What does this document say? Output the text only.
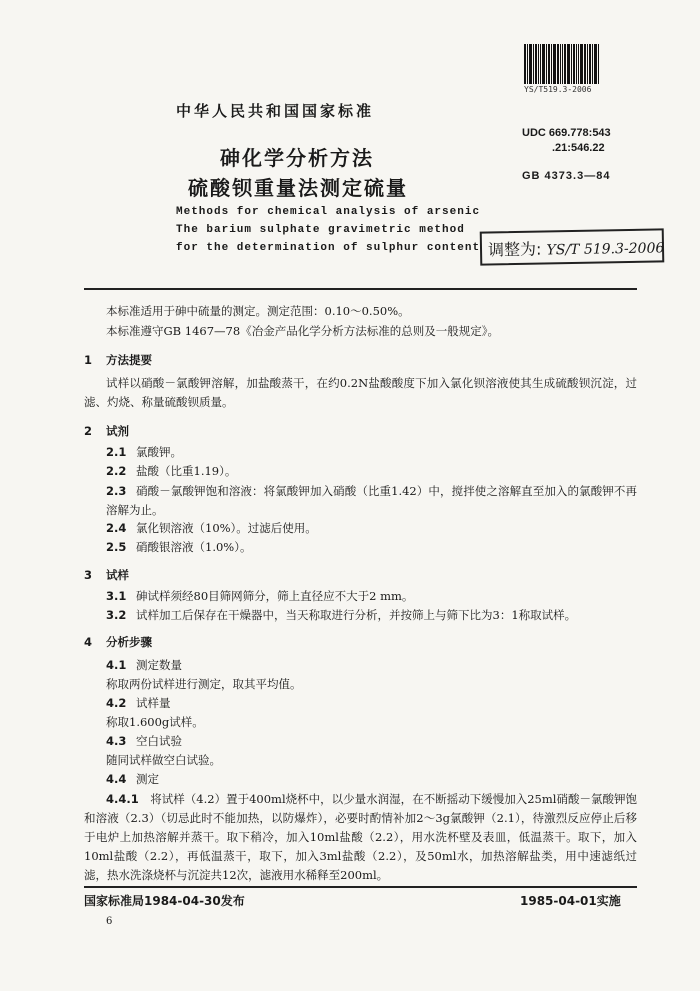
YS/T519.3-2006
中华人民共和国国家标准
砷化学分析方法
硫酸钡重量法测定硫量
UDC 669.778:543
.21:546.22
GB 4373.3—84
Methods for chemical analysis of arsenic
The barium sulphate gravimetric method
for the determination of sulphur content 调整为: YS/T 519.3-2006
本标准适用于砷中硫量的测定。测定范围：0.10～0.50%。
本标准遵守GB 1467—78《冶金产品化学分析方法标准的总则及一般规定》。
1 方法提要
试样以硝酸－氯酸钾溶解，加盐酸蒸干，在约0.2N盐酸酸度下加入氯化钡溶液使其生成硫酸钡沉淀，过滤、灼烧、称量硫酸钡质量。
2 试剂
2.1 氯酸钾。
2.2 盐酸（比重1.19）。
2.3 硝酸－氯酸钾饱和溶液：将氯酸钾加入硝酸（比重1.42）中，搅拌使之溶解直至加入的氯酸钾不再溶解为止。
2.4 氯化钡溶液（10%）。过滤后使用。
2.5 硝酸银溶液（1.0%）。
3 试样
3.1 砷试样须经80目筛网筛分，筛上直径应不大于2 mm。
3.2 试样加工后保存在干燥器中，当天称取进行分析，并按筛上与筛下比为3：1称取试样。
4 分析步骤
4.1 测定数量
称取两份试样进行测定，取其平均值。
4.2 试样量
称取1.600g试样。
4.3 空白试验
随同试样做空白试验。
4.4 测定
4.4.1　 将试样（4.2）置于400ml烧杯中，以少量水润湿，在不断摇动下缓慢加入25ml硝酸－氯酸钾饱和溶液（2.3）（切忌此时不能加热，以防爆炸），必要时酌情补加2～3g氯酸钾（2.1），待激烈反应停止后移于电炉上加热溶解并蒸干。取下稍冷，加入10ml盐酸（2.2），用水洗杯壁及表皿，低温蒸干。取下，加入10ml盐酸（2.2），再低温蒸干，取下，加入3ml盐酸（2.2），及50ml水，加热溶解盐类，用中速滤纸过滤，热水洗涤烧杯与沉淀共12次，滤液用水稀释至200ml。
国家标准局1984-04-30发布	1985-04-01实施
6
